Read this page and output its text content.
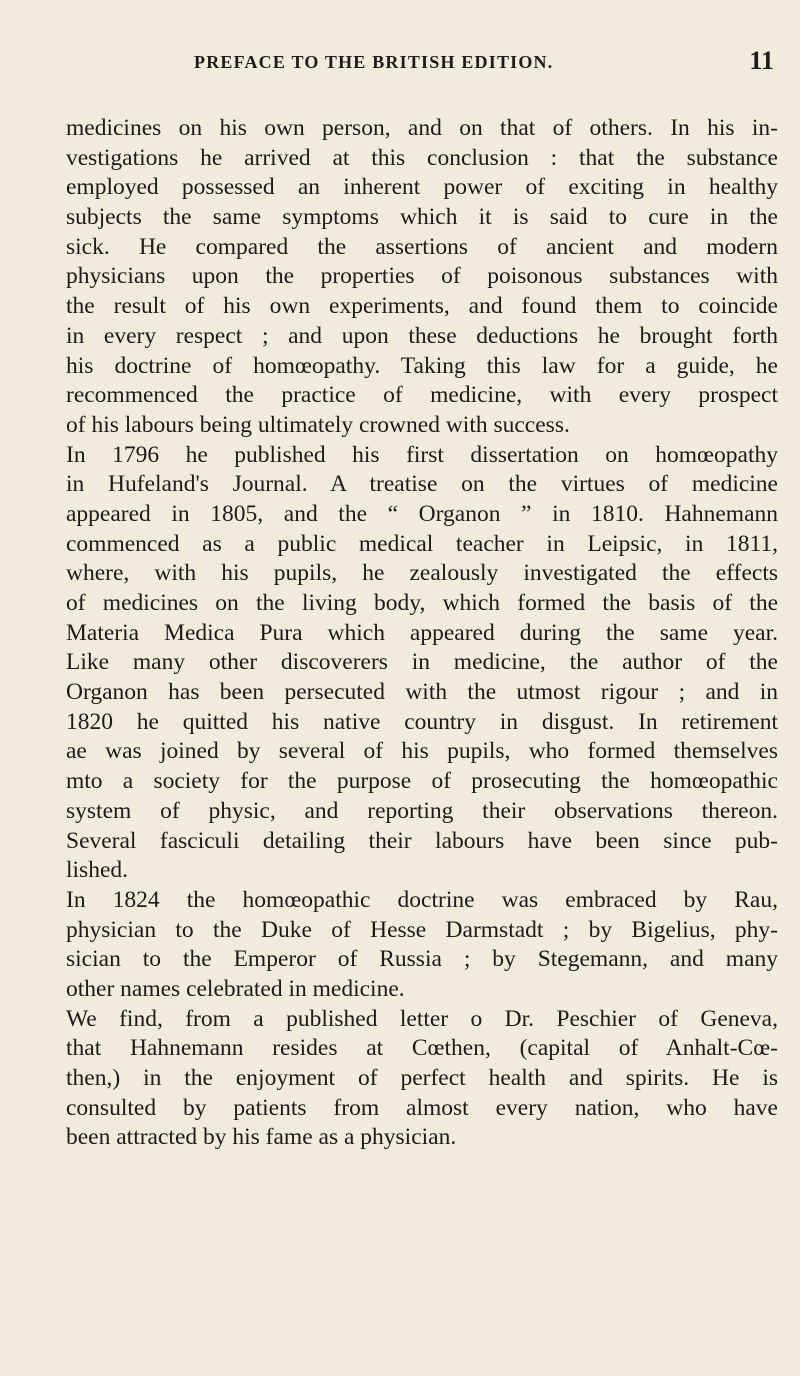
PREFACE TO THE BRITISH EDITION.	11
medicines on his own person, and on that of others. In his in-
vestigations he arrived at this conclusion : that the substance
employed possessed an inherent power of exciting in healthy
subjects the same symptoms which it is said to cure in the
sick. He compared the assertions of ancient and modern
physicians upon the properties of poisonous substances with
the result of his own experiments, and found them to coincide
in every respect ; and upon these deductions he brought forth
his doctrine of homœopathy. Taking this law for a guide, he
recommenced the practice of medicine, with every prospect
of his labours being ultimately crowned with success.
In 1796 he published his first dissertation on homœopathy
in Hufeland's Journal. A treatise on the virtues of medicine
appeared in 1805, and the “ Organon ” in 1810. Hahnemann
commenced as a public medical teacher in Leipsic, in 1811,
where, with his pupils, he zealously investigated the effects
of medicines on the living body, which formed the basis of the
Materia Medica Pura which appeared during the same year.
Like many other discoverers in medicine, the author of the
Organon has been persecuted with the utmost rigour ; and in
1820 he quitted his native country in disgust. In retirement
ae was joined by several of his pupils, who formed themselves
mto a society for the purpose of prosecuting the homœopathic
system of physic, and reporting their observations thereon.
Several fasciculi detailing their labours have been since pub-
lished.
In 1824 the homœopathic doctrine was embraced by Rau,
physician to the Duke of Hesse Darmstadt ; by Bigelius, phy-
sician to the Emperor of Russia ; by Stegemann, and many
other names celebrated in medicine.
We find, from a published letter o Dr. Peschier of Geneva,
that Hahnemann resides at Cœthen, (capital of Anhalt-Cœ-
then,) in the enjoyment of perfect health and spirits. He is
consulted by patients from almost every nation, who have
been attracted by his fame as a physician.
